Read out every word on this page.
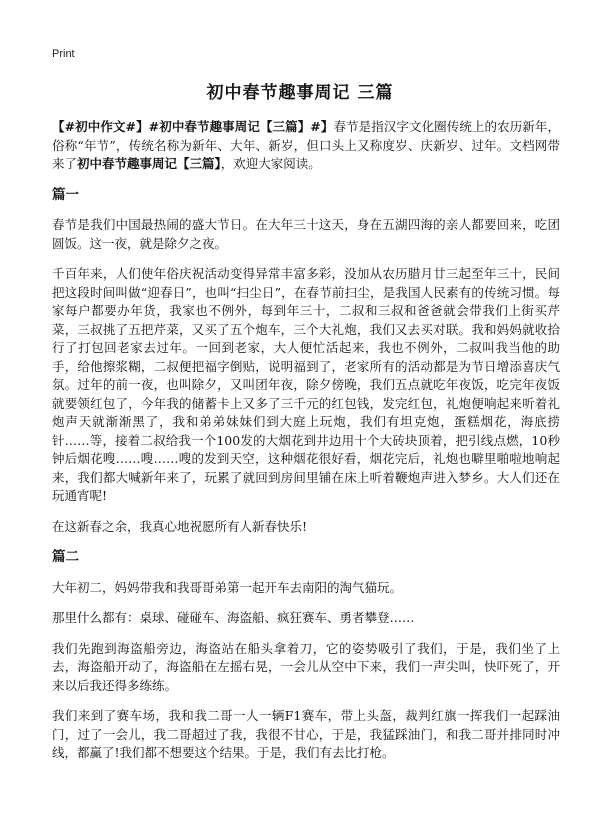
Print
初中春节趣事周记 三篇

【#初中作文#】#初中春节趣事周记【三篇】#】春节是指汉字文化圈传统上的农历新年，俗称“年节”，传统名称为新年、大年、新岁，但口头上又称度岁、庆新岁、过年。文档网带来了初中春节趣事周记【三篇】，欢迎大家阅读。

篇一

春节是我们中国最热闹的盛大节日。在大年三十这天，身在五湖四海的亲人都要回来，吃团圆饭。这一夜，就是除夕之夜。

千百年来，人们使年俗庆祝活动变得异常丰富多彩，没加从农历腊月廿三起至年三十，民间把这段时间叫做“迎春日”，也叫“扫尘日”，在春节前扫尘，是我国人民素有的传统习惯。每家每户都要办年货，我家也不例外，每到年三十，二叔和三叔和爸爸就会带我们上街买芹菜，三叔挑了五把芹菜，又买了五个炮车，三个大礼炮，我们又去买对联。我和妈妈就收拾行了打包回老家去过年。一回到老家，大人便忙活起来，我也不例外，二叔叫我当他的助手，给他擦浆糊，二叔便把福字倒贴，说明福到了，老家所有的活动都是为节日增添喜庆气氛。过年的前一夜，也叫除夕，又叫团年夜，除夕傍晚，我们五点就吃年夜饭，吃完年夜饭就要领红包了，今年我的储蓄卡上又多了三千元的红包钱，发完红包，礼炮便响起来听着礼炮声天就渐渐黑了，我和弟弟妹妹们到大庭上玩炮，我们有坦克炮，蛋糕烟花，海底捞针……等，接着二叔给我一个100发的大烟花到井边用十个大砖块顶着，把引线点燃，10秒钟后烟花嗖……嗖……嗖的发到天空，这种烟花很好看，烟花完后，礼炮也噼里啪啦地响起来，我们都大喊新年来了，玩累了就回到房间里铺在床上听着鞭炮声进入梦乡。大人们还在玩通宵呢!

在这新春之余，我真心地祝愿所有人新春快乐!

篇二

大年初二，妈妈带我和我哥哥弟第一起开车去南阳的淘气猫玩。

那里什么都有：桌球、碰碰车、海盗船、疯狂赛车、勇者攀登……

我们先跑到海盗船旁边，海盗站在船头拿着刀，它的姿势吸引了我们，于是，我们坐了上去，海盗船开动了，海盗船在左摇右晃，一会儿从空中下来，我们一声尖叫，快吓死了，开来以后我还得多练练。

我们来到了赛车场，我和我二哥一人一辆F1赛车，带上头盔，裁判红旗一挥我们一起踩油门，过了一会儿，我二哥超过了我，我很不甘心，于是，我猛踩油门，和我二哥并排同时冲线，都赢了!我们都不想要这个结果。于是，我们有去比打枪。
